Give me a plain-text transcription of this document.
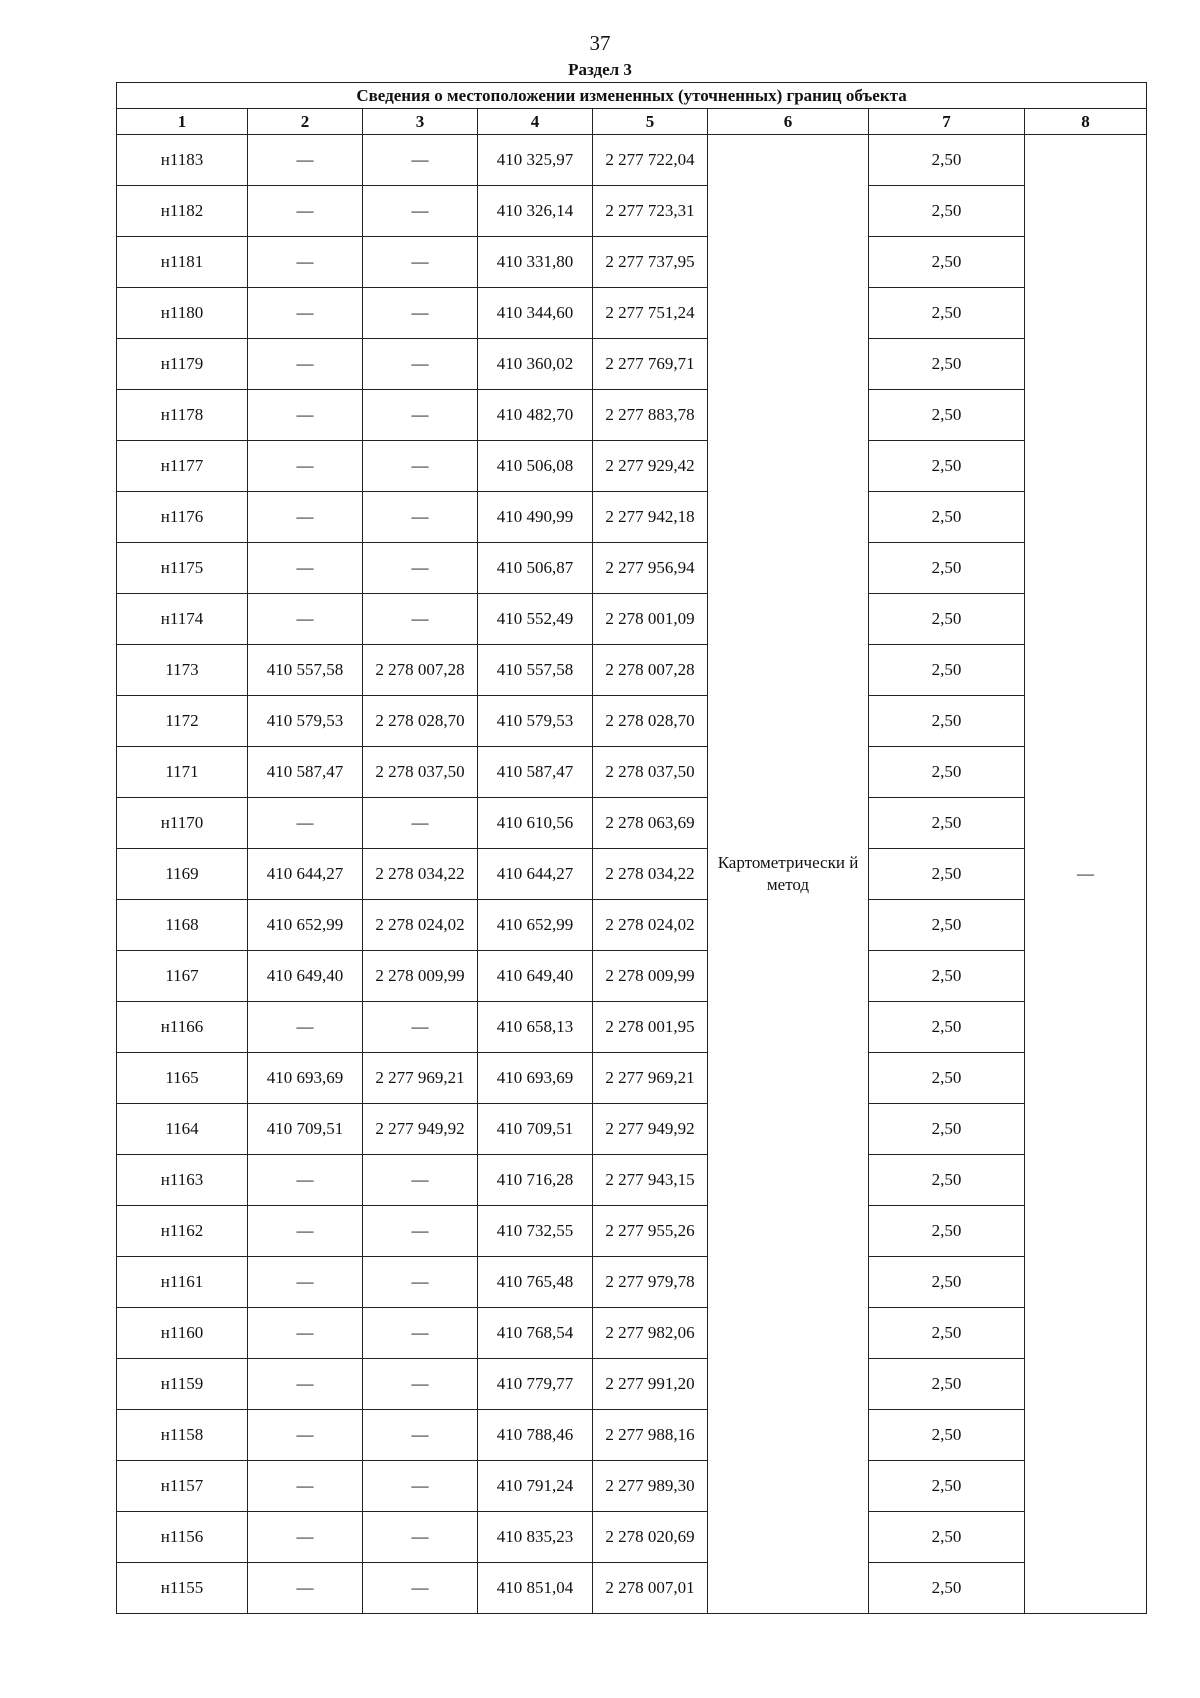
37
Раздел 3
Сведения о местоположении измененных (уточненных) границ объекта							
1	2	3	4	5	6	7	8
н1183	—	—	410 325,97	2 277 722,04	Картометрически й метод	2,50	—
н1182	—	—	410 326,14	2 277 723,31		2,50	
н1181	—	—	410 331,80	2 277 737,95		2,50	
н1180	—	—	410 344,60	2 277 751,24		2,50	
н1179	—	—	410 360,02	2 277 769,71		2,50	
н1178	—	—	410 482,70	2 277 883,78		2,50	
н1177	—	—	410 506,08	2 277 929,42		2,50	
н1176	—	—	410 490,99	2 277 942,18		2,50	
н1175	—	—	410 506,87	2 277 956,94		2,50	
н1174	—	—	410 552,49	2 278 001,09		2,50	
1173	410 557,58	2 278 007,28	410 557,58	2 278 007,28		2,50	
1172	410 579,53	2 278 028,70	410 579,53	2 278 028,70		2,50	
1171	410 587,47	2 278 037,50	410 587,47	2 278 037,50		2,50	
н1170	—	—	410 610,56	2 278 063,69		2,50	
1169	410 644,27	2 278 034,22	410 644,27	2 278 034,22		2,50	
1168	410 652,99	2 278 024,02	410 652,99	2 278 024,02		2,50	
1167	410 649,40	2 278 009,99	410 649,40	2 278 009,99		2,50	
н1166	—	—	410 658,13	2 278 001,95		2,50	
1165	410 693,69	2 277 969,21	410 693,69	2 277 969,21		2,50	
1164	410 709,51	2 277 949,92	410 709,51	2 277 949,92		2,50	
н1163	—	—	410 716,28	2 277 943,15		2,50	
н1162	—	—	410 732,55	2 277 955,26		2,50	
н1161	—	—	410 765,48	2 277 979,78		2,50	
н1160	—	—	410 768,54	2 277 982,06		2,50	
н1159	—	—	410 779,77	2 277 991,20		2,50	
н1158	—	—	410 788,46	2 277 988,16		2,50	
н1157	—	—	410 791,24	2 277 989,30		2,50	
н1156	—	—	410 835,23	2 278 020,69		2,50	
н1155	—	—	410 851,04	2 278 007,01		2,50	
